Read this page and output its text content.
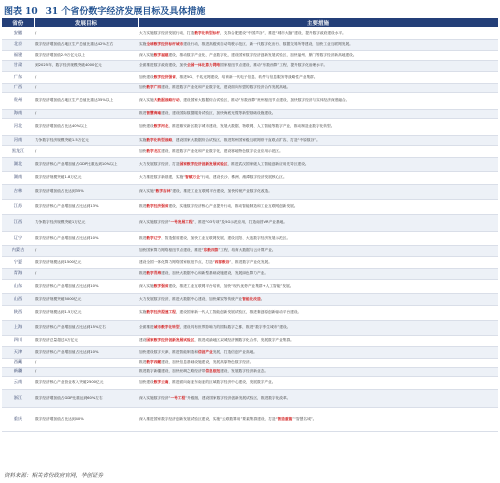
图表 10 31 个省份数字经济发展目标及具体措施
省份	发展目标	主要措施
安徽	/	大力实施数字经济发展行动，打造数字化转型标杆，支持合肥建设“中国声谷”，推进“城市大脑”建设，提升数字政府建设水平。
北京	数字经济增加值占地区生产总值比重达42%左右	实施全球数字经济标杆城市建设行动，推进高级别自动驾驶示范区、新一代数字化出行、数据交易所等建设，加快工业互联网发展。
福建	数字经济增加值2.9万亿元以上	深入实施数字福建建设，推动数字产业化、产业数字化，建设国家数字经济创新发展试验区，加快福州、厦门等数字经济新高地建设。
甘肃	到2025年，数字经济规模突破4000亿元	全面推进数字政府建设，加快全国一体化算力网络国家枢纽节点建设，推动“东数西算”工程，提升数字化治理水平。
广东	/	加快建设数字经济强省，推进5G、千兆光网建设，培育新一代电子信息、软件与信息服务等战略性产业集群。
广西	/	加快数字广西建设，推进数字产业化和产业数字化，建设面向东盟的数字经济合作发展高地。
贵州	数字经济增加值占地区生产总值比重达35%以上	深入实施大数据战略行动，建设国家大数据综合试验区，推动“东数西算”贵州枢纽节点建设，加快数字经济与实体经济深度融合。
海南	/	推进智慧海南建设，建设国际数据服务试验区，加快海底光缆等新型基础设施建设。
河北	数字经济增加值占比达40%以上	加快建设数字河北，推进雄安新区数字城市建设，发展大数据、物联网、人工智能等数字产业，推动制造业数字化转型。
河南	力争数字经济规模突破1.5万亿元	实施数字化转型战略，建设国家大数据综合试验区，推进郑州国家级互联网骨干直联点扩容，打造“中原数谷”。
黑龙江	/	加快数字龙江建设，推进数字产业化和产业数字化，建设寒地特色数字农业应用示范区。
湖北	数字经济核心产业增加值占GDP比重达到10%以上	大力发展数字经济，打造国家数字经济创新发展试验区，推进武汉国家级人工智能创新应用先导区建设。
湖南	数字经济规模突破1.8万亿元	大力推进数字新基建，实施“智赋万企”行动，建设长沙、株洲、湘潭数字经济发展核心区。
吉林	数字经济增加值占比达到35%	深入实施“数字吉林”建设，推进工业互联网平台建设，加快传统产业数字化改造。
江苏	数字经济核心产业增加值占比达到13%	推进数字经济强省建设，实施数字经济核心产业提升行动，推动智能制造和工业互联网创新发展。
江西	力争数字经济规模突破1万亿元	深入实施数字经济“一号发展工程”，推进“03专项”及5G示范应用，打造南昌VR产业基地。
辽宁	数字经济核心产业增加值占比达到10%	推进数字辽宁、智造强省建设，加快工业互联网发展，建设沈阳、大连数字经济发展示范区。
内蒙古	/	加快国家算力网络枢纽节点建设，推进“东数西算”工程，培育大数据与云计算产业。
宁夏	数字经济规模达到1500亿元	建设全国一体化算力网络国家枢纽节点，打造“西部数谷”，推进数字产业化发展。
青海	/	推进数字青海建设，加快大数据中心和新型基础设施建设，发展绿色算力产业。
山东	数字经济核心产业增加值占比达到10%	深入实施数字强省建设，推进工业互联网平台培育，加快“现代优势产业集群+人工智能”发展。
山西	数字经济规模突破5000亿元	大力发展数字经济，推进大数据中心建设，加快煤炭等传统产业智能化改造。
陕西	数字经济规模达到1.5万亿元	实施数字经济提速工程，建设国家新一代人工智能创新发展试验区，推进秦创原创新驱动平台建设。
上海	数字经济核心产业增加值占比达到15%左右	全面推进城市数字化转型，建设具有世界影响力的国际数字之都，推进“数字孪生城市”建设。
四川	数字经济总量超过4万亿元	建设国家数字经济创新发展试验区，推进成渝地区双城经济圈数字化合作，发展数字产业集群。
天津	数字经济核心产业增加值占比达到10%	加快建设数字天津，推进智能制造和信创产业发展，打造信创产业高地。
西藏	/	推进数字西藏建设，加快信息基础设施建设，发展高原特色数字经济。
新疆	/	推进数字新疆建设，加快丝绸之路经济带信息枢纽建设，发展数字经济新业态。
云南	数字经济核心产业营业收入突破2500亿元	加快建设数字云南，推进面向南亚东南亚的区域数字经济中心建设，发展数字产业。
浙江	数字经济增加值占GDP比重达到60%左右	深入实施数字经济“一号工程”升级版，建设国家数字经济创新发展试验区，推进数字化改革。
重庆	数字经济增加值占比达到40%	深入推进国家数字经济创新发展试验区建设，实施“云联数算用”要素集群建设，打造“智造重镇”“智慧名城”。
资料来源：相关省份政府官网，华创证券
